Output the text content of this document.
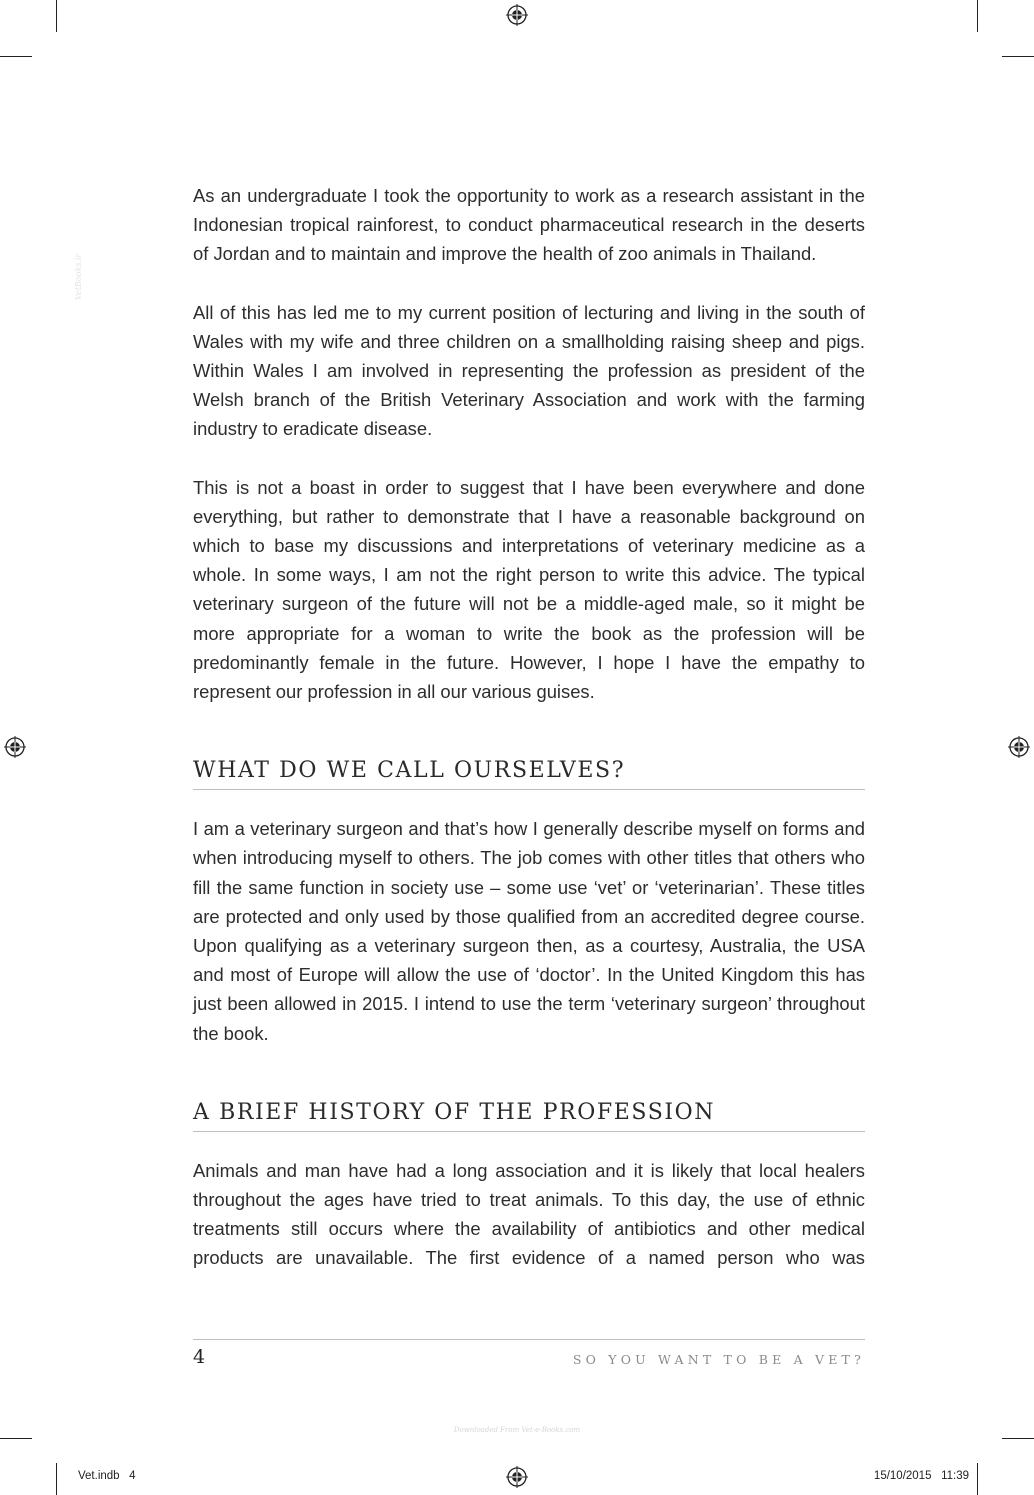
VetBooks.ir

As an undergraduate I took the opportunity to work as a research assistant in the Indonesian tropical rainforest, to conduct pharmaceutical research in the deserts of Jordan and to maintain and improve the health of zoo animals in Thailand.

All of this has led me to my current position of lecturing and living in the south of Wales with my wife and three children on a smallholding raising sheep and pigs. Within Wales I am involved in representing the profession as president of the Welsh branch of the British Veterinary Association and work with the farming industry to eradicate disease.

This is not a boast in order to suggest that I have been everywhere and done everything, but rather to demonstrate that I have a reasonable background on which to base my discussions and interpretations of veterinary medicine as a whole. In some ways, I am not the right person to write this advice. The typical veterinary surgeon of the future will not be a middle-aged male, so it might be more appropriate for a woman to write the book as the profession will be predominantly female in the future. However, I hope I have the empathy to represent our profession in all our various guises.

WHAT DO WE CALL OURSELVES?

I am a veterinary surgeon and that’s how I generally describe myself on forms and when introducing myself to others. The job comes with other titles that others who fill the same function in society use – some use ‘vet’ or ‘veterinarian’. These titles are protected and only used by those qualified from an accredited degree course. Upon qualifying as a veterinary surgeon then, as a courtesy, Australia, the USA and most of Europe will allow the use of ‘doctor’. In the United Kingdom this has just been allowed in 2015. I intend to use the term ‘veterinary surgeon’ throughout the book.

A BRIEF HISTORY OF THE PROFESSION

Animals and man have had a long association and it is likely that local healers throughout the ages have tried to treat animals. To this day, the use of ethnic treatments still occurs where the availability of antibiotics and other medical products are unavailable. The first evidence of a named person who was

4	SO YOU WANT TO BE A VET?
Downloaded From Vet-e-Books.com
Vet.indb   4	15/10/2015   11:39
